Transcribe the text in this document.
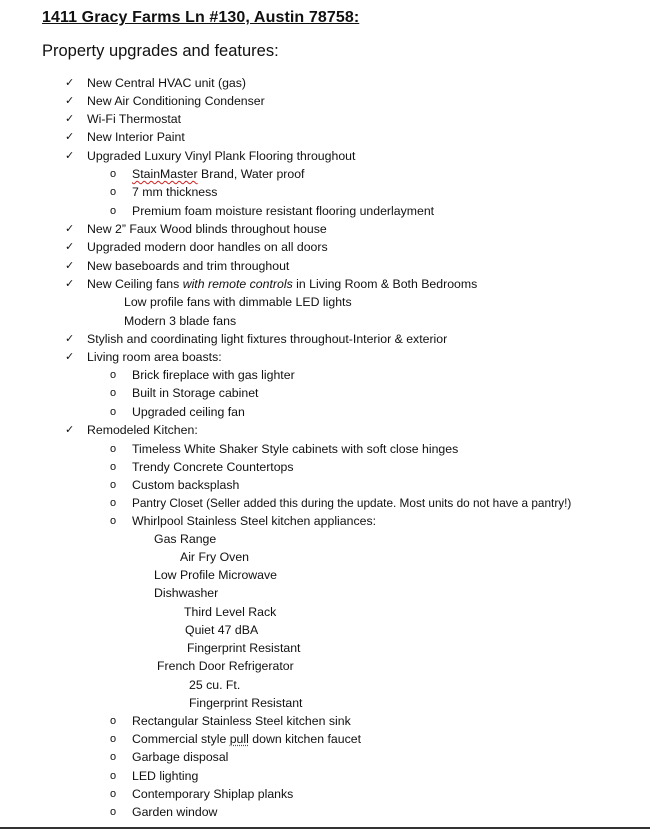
1411 Gracy Farms Ln #130, Austin 78758:
Property upgrades and features:
✓ New Central HVAC unit (gas)
✓ New Air Conditioning Condenser
✓ Wi-Fi Thermostat
✓ New Interior Paint
✓ Upgraded Luxury Vinyl Plank Flooring throughout
o StainMaster Brand, Water proof
o 7 mm thickness
o Premium foam moisture resistant flooring underlayment
✓ New 2” Faux Wood blinds throughout house
✓ Upgraded modern door handles on all doors
✓ New baseboards and trim throughout
✓ New Ceiling fans with remote controls in Living Room & Both Bedrooms
Low profile fans with dimmable LED lights
Modern 3 blade fans
✓ Stylish and coordinating light fixtures throughout-Interior & exterior
✓ Living room area boasts:
o Brick fireplace with gas lighter
o Built in Storage cabinet
o Upgraded ceiling fan
✓ Remodeled Kitchen:
o Timeless White Shaker Style cabinets with soft close hinges
o Trendy Concrete Countertops
o Custom backsplash
o Pantry Closet (Seller added this during the update. Most units do not have a pantry!)
o Whirlpool Stainless Steel kitchen appliances:
Gas Range
Air Fry Oven
Low Profile Microwave
Dishwasher
Third Level Rack
Quiet 47 dBA
Fingerprint Resistant
French Door Refrigerator
25 cu. Ft.
Fingerprint Resistant
o Rectangular Stainless Steel kitchen sink
o Commercial style pull down kitchen faucet
o Garbage disposal
o LED lighting
o Contemporary Shiplap planks
o Garden window
